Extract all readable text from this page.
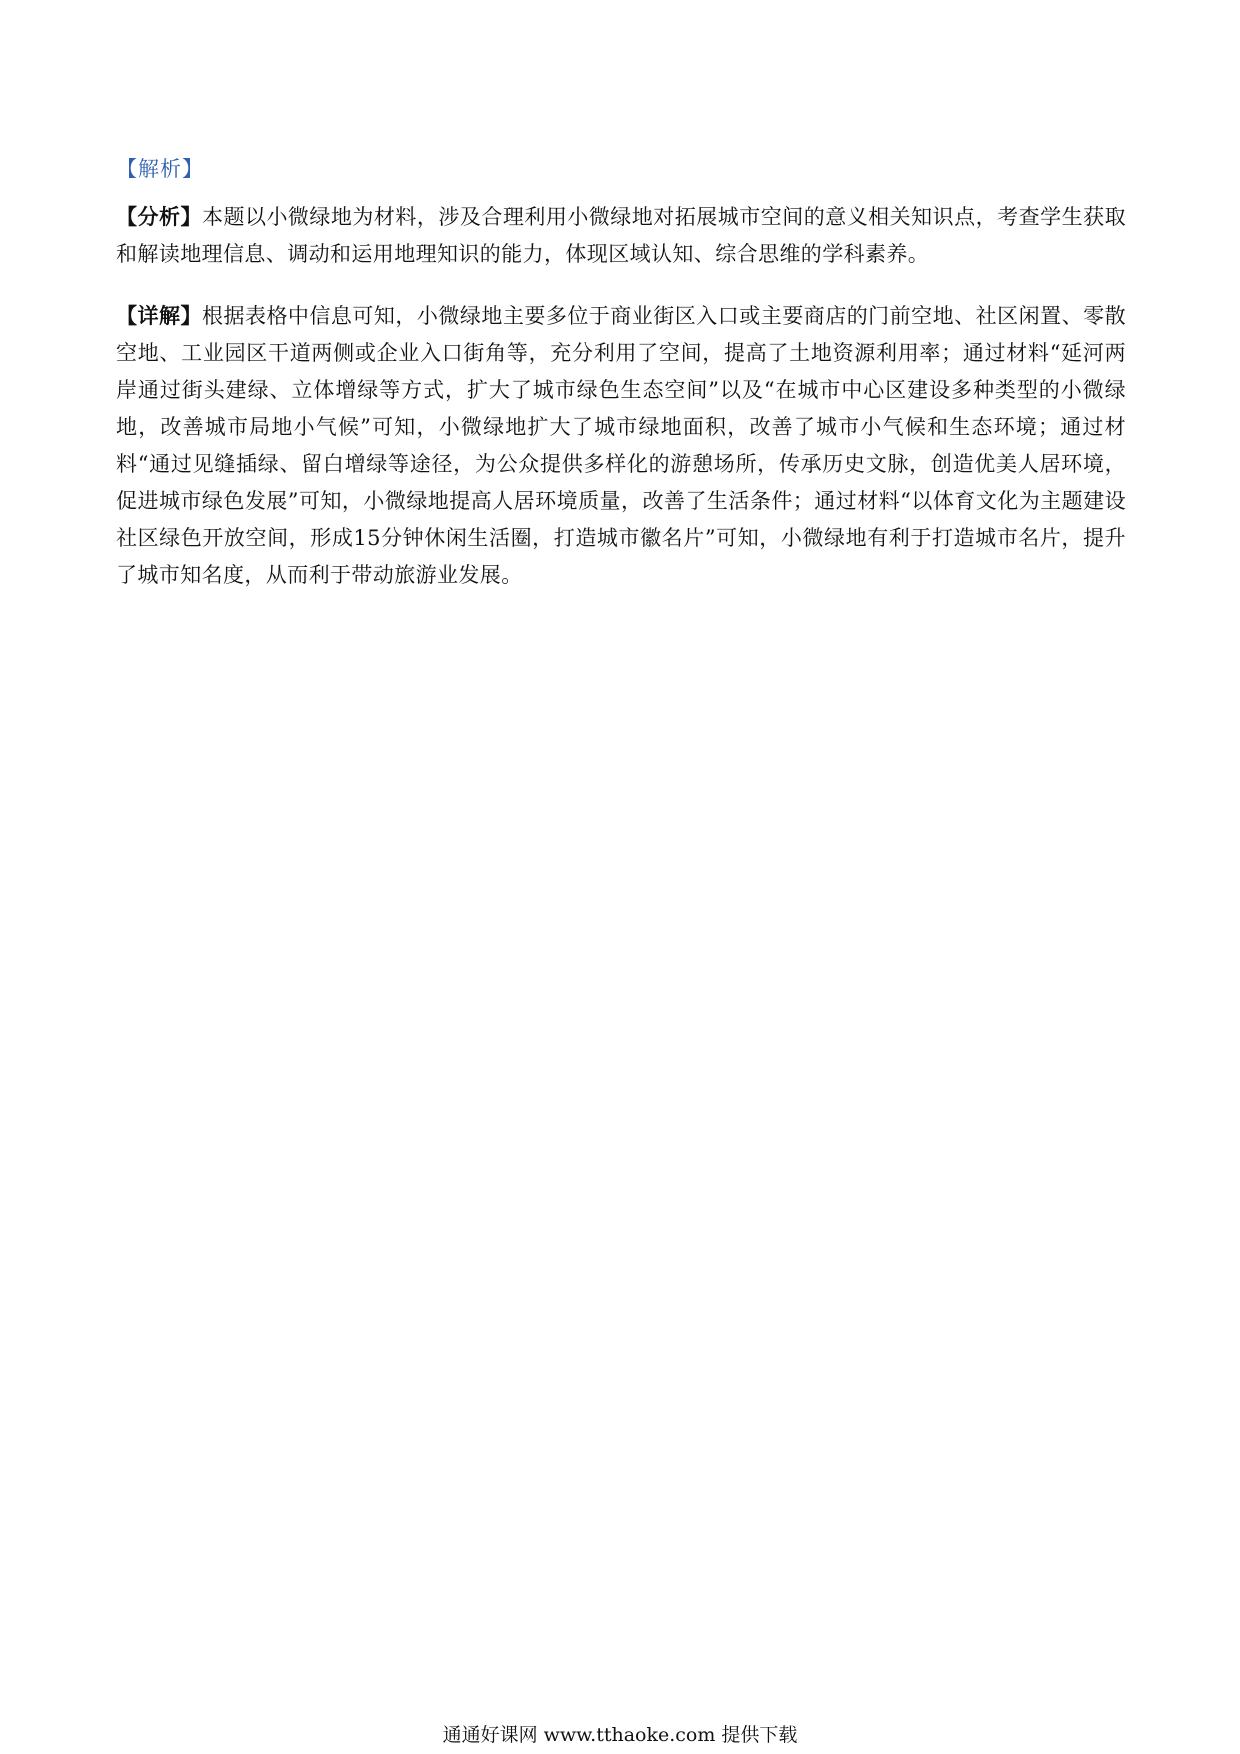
【解析】

【分析】本题以小微绿地为材料，涉及合理利用小微绿地对拓展城市空间的意义相关知识点，考查学生获取和解读地理信息、调动和运用地理知识的能力，体现区域认知、综合思维的学科素养。

【详解】根据表格中信息可知，小微绿地主要多位于商业街区入口或主要商店的门前空地、社区闲置、零散空地、工业园区干道两侧或企业入口街角等，充分利用了空间，提高了土地资源利用率；通过材料“延河两岸通过街头建绿、立体增绿等方式，扩大了城市绿色生态空间”以及“在城市中心区建设多种类型的小微绿地，改善城市局地小气候”可知，小微绿地扩大了城市绿地面积，改善了城市小气候和生态环境；通过材料“通过见缝插绿、留白增绿等途径，为公众提供多样化的游憩场所，传承历史文脉，创造优美人居环境，促进城市绿色发展”可知，小微绿地提高人居环境质量，改善了生活条件；通过材料“以体育文化为主题建设社区绿色开放空间，形成15分钟休闲生活圈，打造城市徽名片”可知，小微绿地有利于打造城市名片，提升了城市知名度，从而利于带动旅游业发展。

通通好课网 www.tthaoke.com 提供下载
